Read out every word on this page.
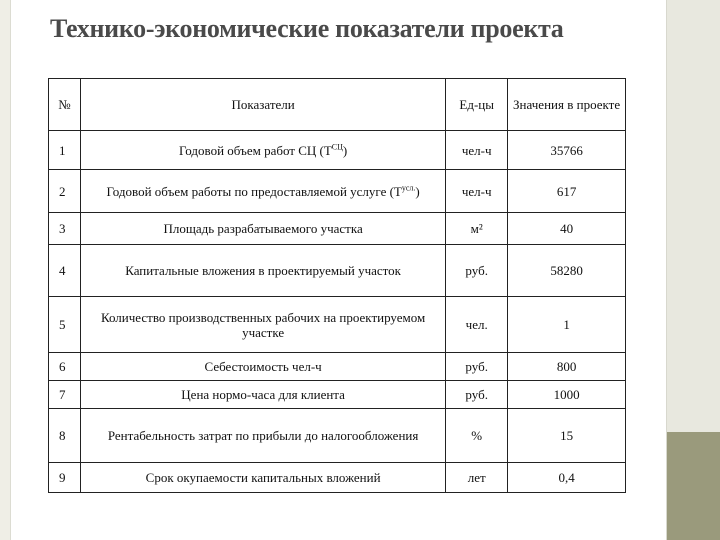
Технико-экономические показатели проекта
№	Показатели	Ед-цы	Значения в проекте
1	Годовой объем работ СЦ $(Т^{СЦ})$	чел-ч	35766
2	Годовой объем работы по предоставляемой услуге $(Т^{усл.})$	чел-ч	617
3	Площадь разрабатываемого участка	м²	40
4	Капитальные вложения в проектируемый участок	руб.	58280
5	Количество производственных рабочих на проектируемом участке	чел.	1
6	Себестоимость чел-ч	руб.	800
7	Цена нормо-часа для клиента	руб.	1000
8	Рентабельность затрат по прибыли до налогообложения	%	15
9	Срок окупаемости капитальных вложений	лет	0,4
